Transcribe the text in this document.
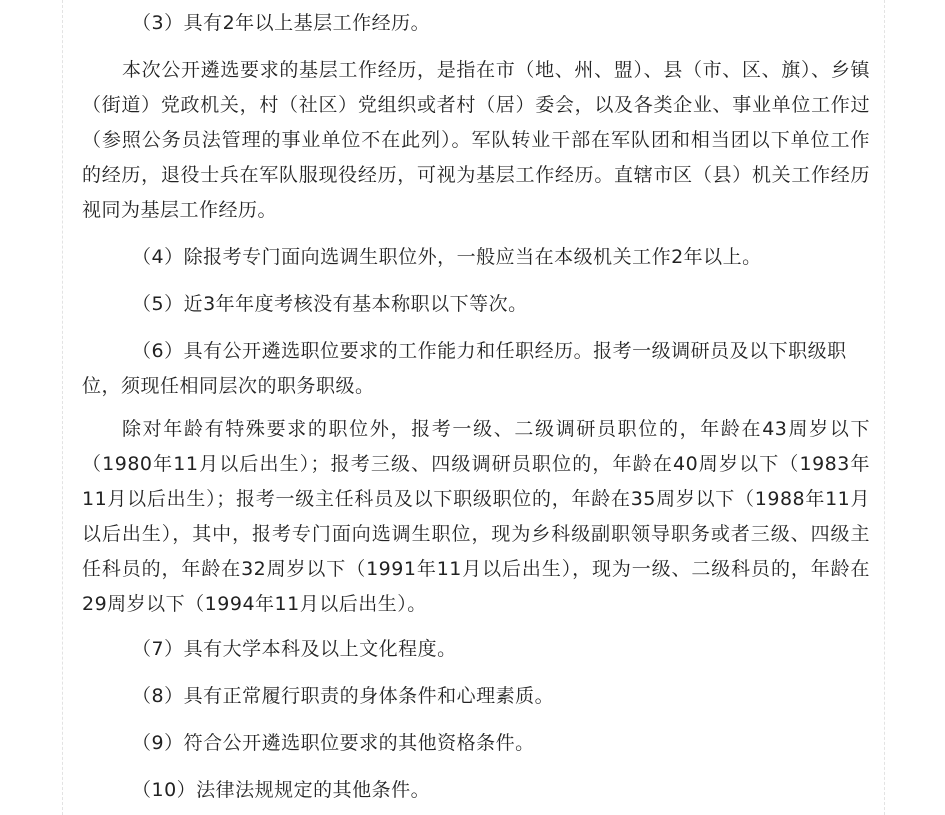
（3）具有2年以上基层工作经历。

本次公开遴选要求的基层工作经历，是指在市（地、州、盟）、县（市、区、旗）、乡镇（街道）党政机关，村（社区）党组织或者村（居）委会，以及各类企业、事业单位工作过（参照公务员法管理的事业单位不在此列）。军队转业干部在军队团和相当团以下单位工作的经历，退役士兵在军队服现役经历，可视为基层工作经历。直辖市区（县）机关工作经历视同为基层工作经历。

（4）除报考专门面向选调生职位外，一般应当在本级机关工作2年以上。

（5）近3年年度考核没有基本称职以下等次。

（6）具有公开遴选职位要求的工作能力和任职经历。报考一级调研员及以下职级职位，须现任相同层次的职务职级。

除对年龄有特殊要求的职位外，报考一级、二级调研员职位的，年龄在43周岁以下（1980年11月以后出生）；报考三级、四级调研员职位的，年龄在40周岁以下（1983年11月以后出生）；报考一级主任科员及以下职级职位的，年龄在35周岁以下（1988年11月以后出生），其中，报考专门面向选调生职位，现为乡科级副职领导职务或者三级、四级主任科员的，年龄在32周岁以下（1991年11月以后出生），现为一级、二级科员的，年龄在29周岁以下（1994年11月以后出生）。

（7）具有大学本科及以上文化程度。

（8）具有正常履行职责的身体条件和心理素质。

（9）符合公开遴选职位要求的其他资格条件。

（10）法律法规规定的其他条件。
